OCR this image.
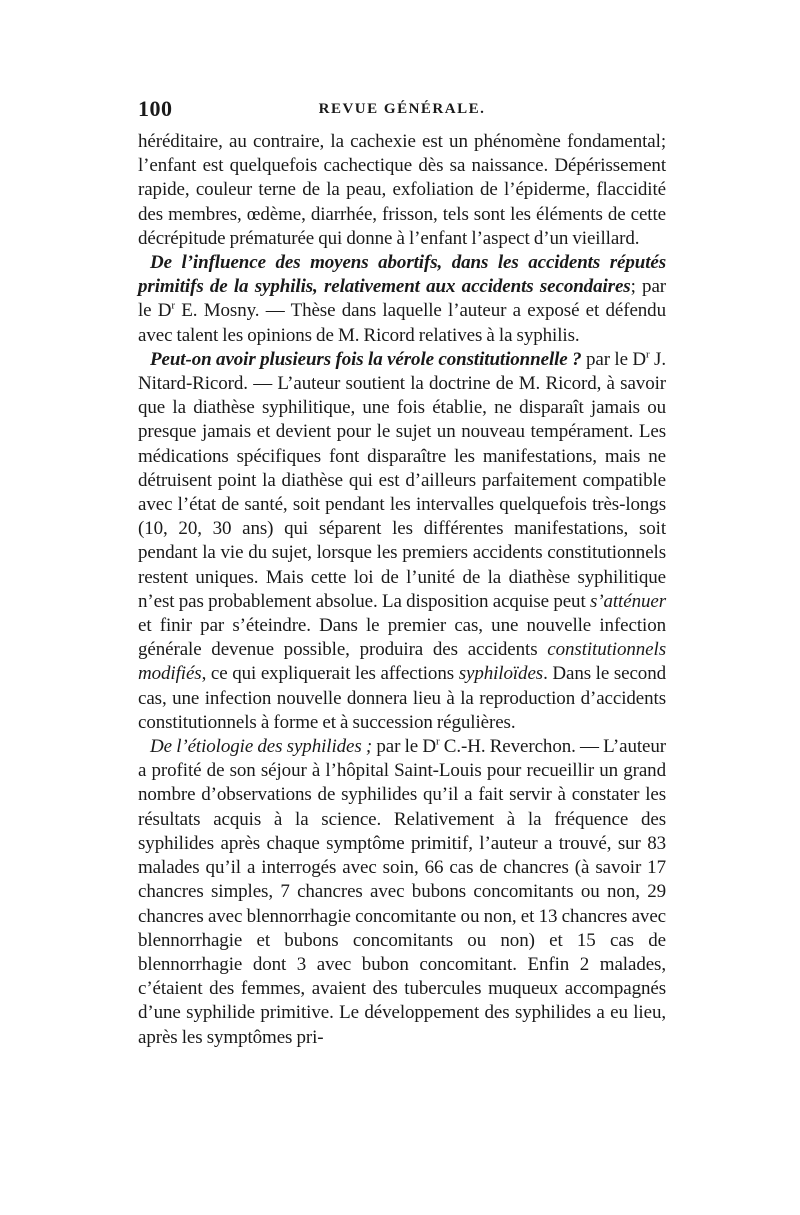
100	REVUE GÉNÉRALE.

héréditaire, au contraire, la cachexie est un phénomène fondamental; l’enfant est quelquefois cachectique dès sa naissance. Dépérissement rapide, couleur terne de la peau, exfoliation de l’épiderme, flaccidité des membres, œdème, diarrhée, frisson, tels sont les éléments de cette décrépitude prématurée qui donne à l’enfant l’aspect d’un vieillard.

De l’influence des moyens abortifs, dans les accidents réputés primitifs de la syphilis, relativement aux accidents secondaires; par le $D^r$ E. Mosny. — Thèse dans laquelle l’auteur a exposé et défendu avec talent les opinions de M. Ricord relatives à la syphilis.

Peut-on avoir plusieurs fois la vérole constitutionnelle ? par le $D^r$ J. Nitard-Ricord. — L’auteur soutient la doctrine de M. Ricord, à savoir que la diathèse syphilitique, une fois établie, ne disparaît jamais ou presque jamais et devient pour le sujet un nouveau tempérament. Les médications spécifiques font disparaître les manifestations, mais ne détruisent point la diathèse qui est d’ailleurs parfaitement compatible avec l’état de santé, soit pendant les intervalles quelquefois très-longs (10, 20, 30 ans) qui séparent les différentes manifestations, soit pendant la vie du sujet, lorsque les premiers accidents constitutionnels restent uniques. Mais cette loi de l’unité de la diathèse syphilitique n’est pas probablement absolue. La disposition acquise peut s’atténuer et finir par s’éteindre. Dans le premier cas, une nouvelle infection générale devenue possible, produira des accidents constitutionnels modifiés, ce qui expliquerait les affections syphiloïdes. Dans le second cas, une infection nouvelle donnera lieu à la reproduction d’accidents constitutionnels à forme et à succession régulières.

De l’étiologie des syphilides ; par le $D^r$ C.-H. Reverchon. — L’auteur a profité de son séjour à l’hôpital Saint-Louis pour recueillir un grand nombre d’observations de syphilides qu’il a fait servir à constater les résultats acquis à la science. Relativement à la fréquence des syphilides après chaque symptôme primitif, l’auteur a trouvé, sur 83 malades qu’il a interrogés avec soin, 66 cas de chancres (à savoir 17 chancres simples, 7 chancres avec bubons concomitants ou non, 29 chancres avec blennorrhagie concomitante ou non, et 13 chancres avec blennorrhagie et bubons concomitants ou non) et 15 cas de blennorrhagie dont 3 avec bubon concomitant. Enfin 2 malades, c’étaient des femmes, avaient des tubercules muqueux accompagnés d’une syphilide primitive. Le développement des syphilides a eu lieu, après les symptômes pri-
